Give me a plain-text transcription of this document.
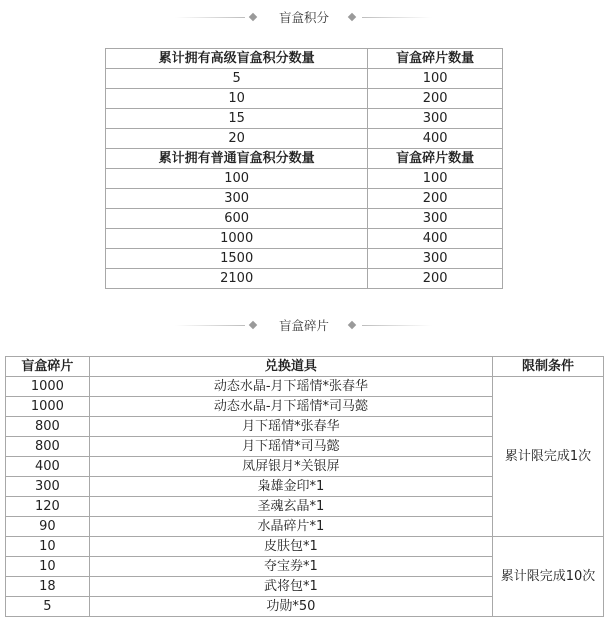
盲盒积分
累计拥有高级盲盒积分数量	盲盒碎片数量
5	100
10	200
15	300
20	400
累计拥有普通盲盒积分数量	盲盒碎片数量
100	100
300	200
600	300
1000	400
1500	300
2100	200
盲盒碎片
盲盒碎片	兑换道具	限制条件
1000	动态水晶-月下瑶情*张春华	累计限完成1次
1000	动态水晶-月下瑶情*司马懿	
800	月下瑶情*张春华	
800	月下瑶情*司马懿	
400	凤屏银月*关银屏	
300	枭雄金印*1	
120	圣魂玄晶*1	
90	水晶碎片*1	
10	皮肤包*1	累计限完成10次
10	夺宝券*1	
18	武将包*1	
5	功勋*50	
